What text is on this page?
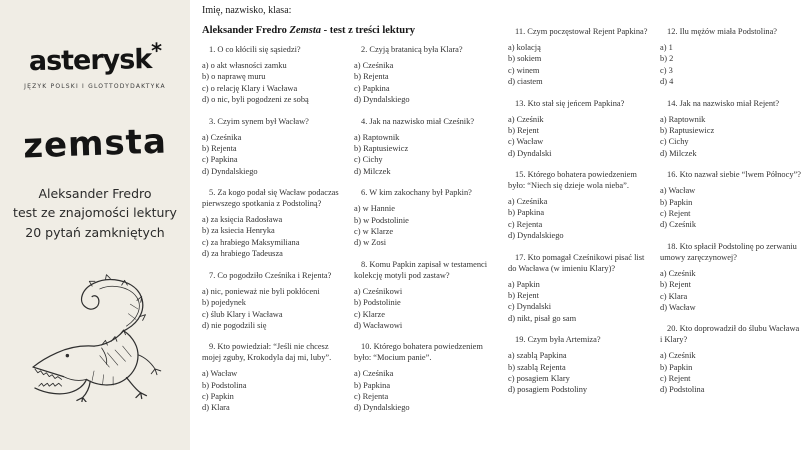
asterysk*
JĘZYK POLSKI I GLOTTODYDAKTYKA
zemsta

Aleksander Fredro

test ze znajomości lektury

20 pytań zamkniętych

Imię, nazwisko, klasa:
Aleksander Fredro Zemsta - test z treści lektury

1. O co kłócili się sąsiedzi?

a) o akt własności zamku

b) o naprawę muru

c) o relację Klary i Wacława

d) o nic, byli pogodzeni ze sobą

3. Czyim synem był Wacław?

a) Cześnika

b) Rejenta

c) Papkina

d) Dyndalskiego

5. Za kogo podał się Wacław podaczas pierwszego spotkania z Podstoliną?

a) za księcia Radosława

b) za ksiecia Henryka

c) za hrabiego Maksymiliana

d) za hrabiego Tadeusza

7. Co pogodziło Cześnika i Rejenta?

a) nic, ponieważ nie byli pokłóceni

b) pojedynek

c) ślub Klary i Wacława

d) nie pogodzili się

9. Kto powiedział: “Jeśli nie chcesz mojej zguby, Krokodyla daj mi, luby”.

a) Wacław

b) Podstolina

c) Papkin

d) Klara

2. Czyją bratanicą była Klara?

a) Cześnika

b) Rejenta

c) Papkina

d) Dyndalskiego

4. Jak na nazwisko miał Cześnik?

a) Raptownik

b) Raptusiewicz

c) Cichy

d) Milczek

6. W kim zakochany był Papkin?

a) w Hannie

b) w Podstolinie

c) w Klarze

d) w Zosi

8. Komu Papkin zapisał w testamenci kolekcję motyli pod zastaw?

a) Cześnikowi

b) Podstolinie

c) Klarze

d) Wacławowi

10. Którego bohatera powiedzeniem było: “Mocium panie”.

a) Cześnika

b) Papkina

c) Rejenta

d) Dyndalskiego

11. Czym poczęstował Rejent Papkina?

a) kolacją

b) sokiem

c) winem

d) ciastem

13. Kto stał się jeńcem Papkina?

a) Cześnik

b) Rejent

c) Wacław

d) Dyndalski

15. Którego bohatera powiedzeniem było: “Niech się dzieje wola nieba”.

a) Cześnika

b) Papkina

c) Rejenta

d) Dyndalskiego

17. Kto pomagał Cześnikowi pisać list do Wacława (w imieniu Klary)?

a) Papkin

b) Rejent

c) Dyndalski

d) nikt, pisał go sam

19. Czym była Artemiza?

a) szablą Papkina

b) szablą Rejenta

c) posagiem Klary

d) posagiem Podstoliny

12. Ilu mężów miała Podstolina?

a) 1

b) 2

c) 3

d) 4

14. Jak na nazwisko miał Rejent?

a) Raptownik

b) Raptusiewicz

c) Cichy

d) Milczek

16. Kto nazwał siebie “lwem Północy”?

a) Wacław

b) Papkin

c) Rejent

d) Cześnik

18. Kto spłacił Podstolinę po zerwaniu umowy zaręczynowej?

a) Cześnik

b) Rejent

c) Klara

d) Wacław

20. Kto doprowadził do ślubu Wacława i Klary?

a) Cześnik

b) Papkin

c) Rejent

d) Podstolina
